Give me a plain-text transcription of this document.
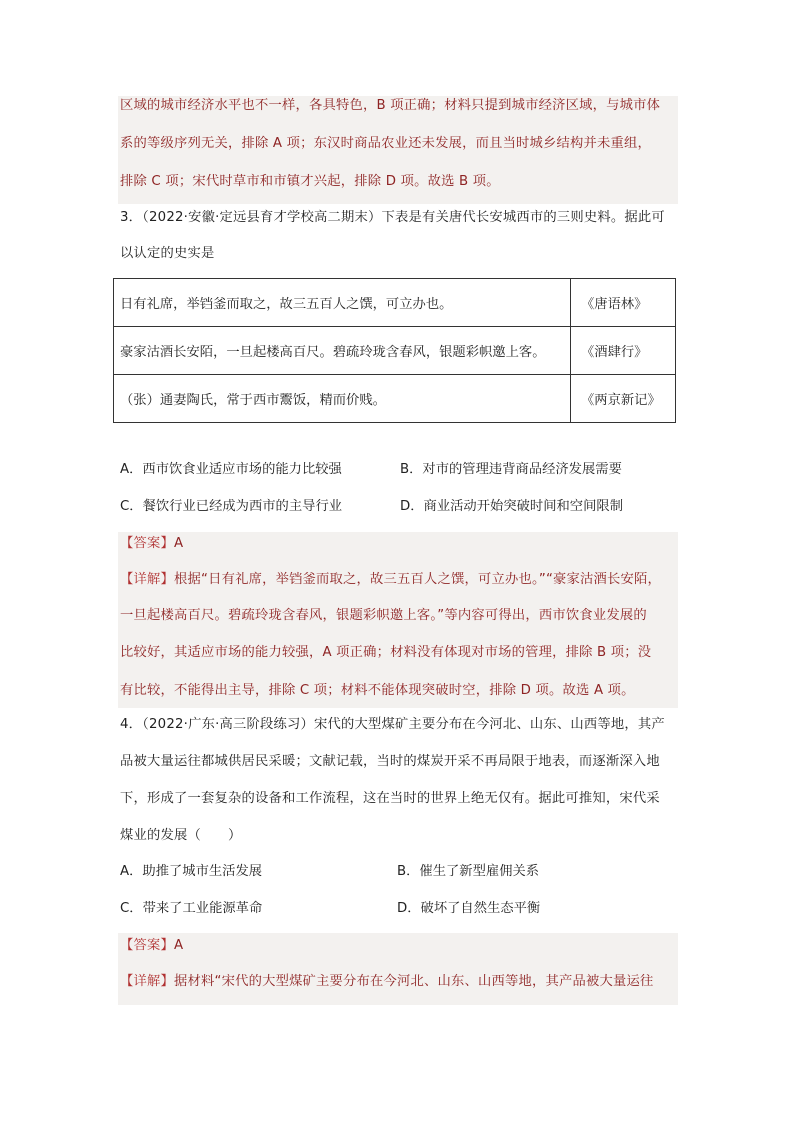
区域的城市经济水平也不一样，各具特色，B 项正确；材料只提到城市经济区域，与城市体
系的等级序列无关，排除 A 项；东汉时商品农业还未发展，而且当时城乡结构并未重组，
排除 C 项；宋代时草市和市镇才兴起，排除 D 项。故选 B 项。
3．（2022·安徽·定远县育才学校高二期末）下表是有关唐代长安城西市的三则史料。据此可
以认定的史实是
日有礼席，举铛釜而取之，故三五百人之馔，可立办也。	《唐语林》
豪家沽酒长安陌，一旦起楼高百尺。碧疏玲珑含春风，银题彩帜邀上客。	《酒肆行》
（张）通妻陶氏，常于西市鬻饭，精而价贱。	《两京新记》
A．西市饮食业适应市场的能力比较强	B．对市的管理违背商品经济发展需要
C．餐饮行业已经成为西市的主导行业	D．商业活动开始突破时间和空间限制
【答案】A
【详解】根据“日有礼席，举铛釜而取之，故三五百人之馔，可立办也。”“豪家沽酒长安陌，
一旦起楼高百尺。碧疏玲珑含春风，银题彩帜邀上客。”等内容可得出，西市饮食业发展的
比较好，其适应市场的能力较强，A 项正确；材料没有体现对市场的管理，排除 B 项；没
有比较，不能得出主导，排除 C 项；材料不能体现突破时空，排除 D 项。故选 A 项。
4．（2022·广东·高三阶段练习）宋代的大型煤矿主要分布在今河北、山东、山西等地，其产
品被大量运往都城供居民采暖；文献记载，当时的煤炭开采不再局限于地表，而逐渐深入地
下，形成了一套复杂的设备和工作流程，这在当时的世界上绝无仅有。据此可推知，宋代采
煤业的发展（　　）
A．助推了城市生活发展	B．催生了新型雇佣关系
C．带来了工业能源革命	D．破坏了自然生态平衡
【答案】A
【详解】据材料“宋代的大型煤矿主要分布在今河北、山东、山西等地，其产品被大量运往
